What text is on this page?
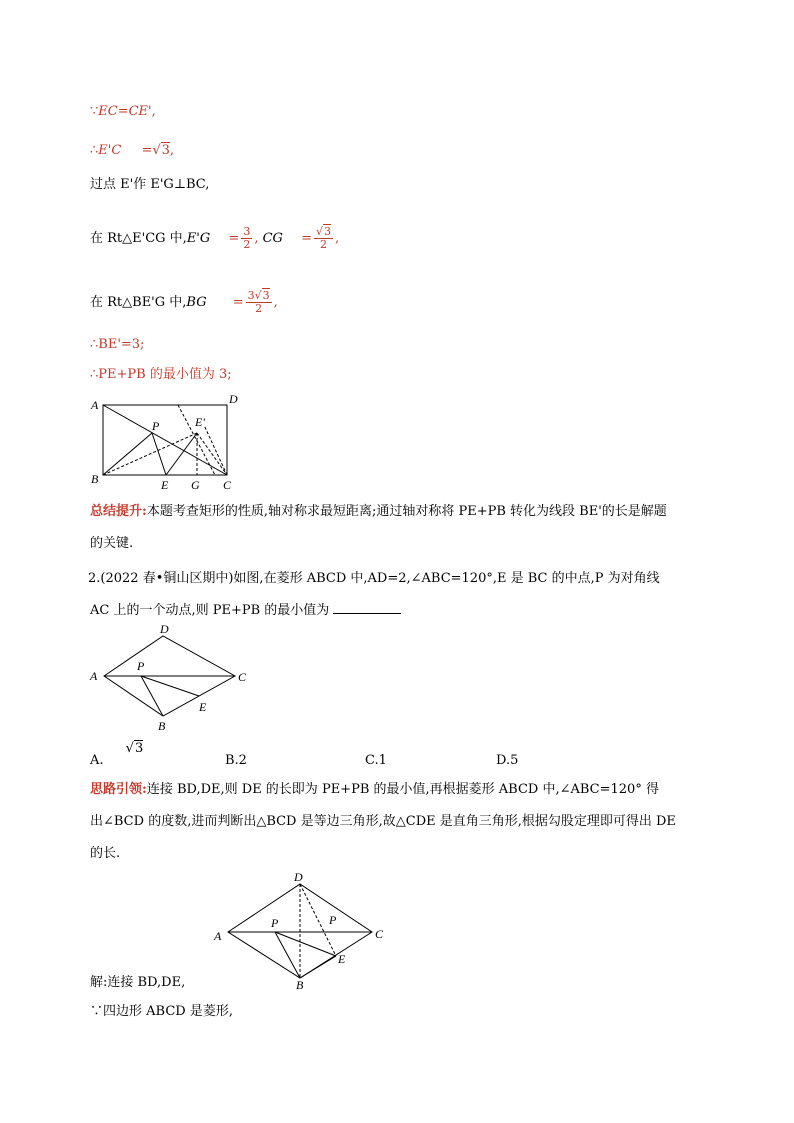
∵EC=CE',
∴E'C =√3,
过点 E'作 E'G⊥BC,
在 Rt△E'CG 中$,E'G = \frac{3}{2}$ , CG = $\frac{√3}{2}$ ,
在 Rt△BE'G 中$,BG = \frac{3√3}{2}$ ,
∴BE'=3;
∴PE+PB 的最小值为 3;
A	D
P	E'
B	E G C
总结提升:本题考查矩形的性质,轴对称求最短距离;通过轴对称将 PE+PB 转化为线段 BE'的长是解题
的关键.
2.(2022 春•铜山区期中)如图,在菱形 ABCD 中,AD=2,∠ABC=120°,E 是 BC 的中点,P 为对角线
AC 上的一个动点,则 PE+PB 的最小值为
D
A
P
C
E
B
A. √3
B.2	C.1	D.5
思路引领:连接 BD,DE,则 DE 的长即为 PE+PB 的最小值,再根据菱形 ABCD 中,∠ABC=120° 得
出∠BCD 的度数,进而判断出△BCD 是等边三角形,故△CDE 是直角三角形,根据勾股定理即可得出 DE
的长.
D
A
P	P
C
E
B
解:连接 BD,DE,
∵四边形 ABCD 是菱形,
